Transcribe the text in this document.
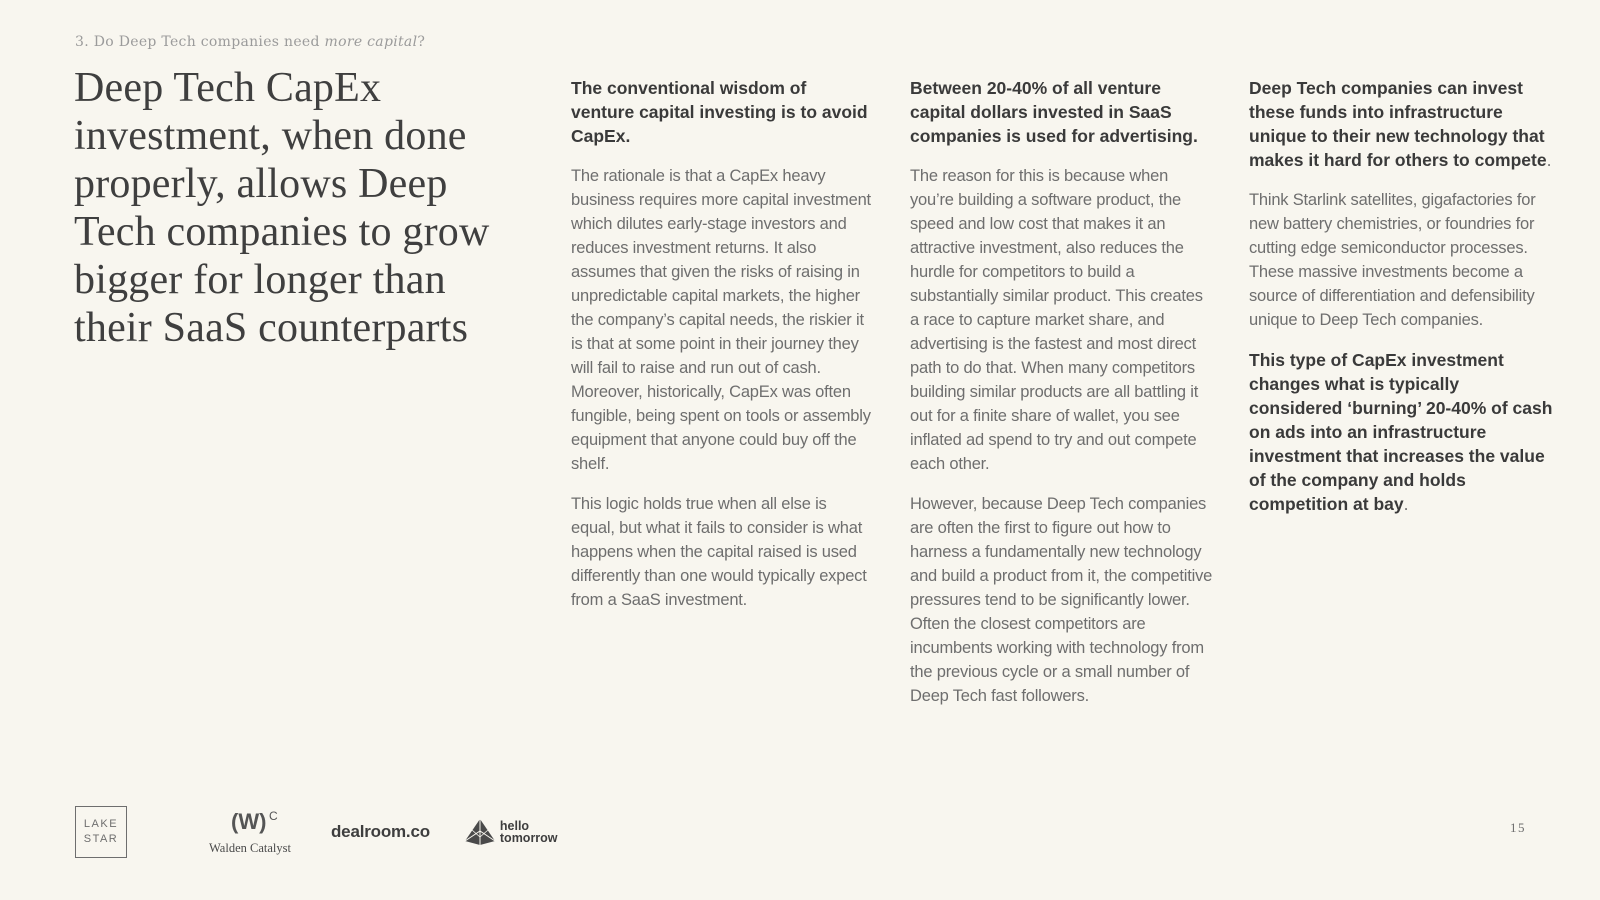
3. Do Deep Tech companies need more capital?
Deep Tech CapEx investment, when done properly, allows Deep Tech companies to grow bigger for longer than their SaaS counterparts
The conventional wisdom of venture capital investing is to avoid CapEx.

The rationale is that a CapEx heavy business requires more capital investment which dilutes early-stage investors and reduces investment returns. It also assumes that given the risks of raising in unpredictable capital markets, the higher the company’s capital needs, the riskier it is that at some point in their journey they will fail to raise and run out of cash. Moreover, historically, CapEx was often fungible, being spent on tools or assembly equipment that anyone could buy off the shelf.

This logic holds true when all else is equal, but what it fails to consider is what happens when the capital raised is used differently than one would typically expect from a SaaS investment.

Between 20-40% of all venture capital dollars invested in SaaS companies is used for advertising.

The reason for this is because when you’re building a software product, the speed and low cost that makes it an attractive investment, also reduces the hurdle for competitors to build a substantially similar product. This creates a race to capture market share, and advertising is the fastest and most direct path to do that. When many competitors building similar products are all battling it out for a finite share of wallet, you see inflated ad spend to try and out compete each other.

However, because Deep Tech companies are often the first to figure out how to harness a fundamentally new technology and build a product from it, the competitive pressures tend to be significantly lower. Often the closest competitors are incumbents working with technology from the previous cycle or a small number of Deep Tech fast followers.

Deep Tech companies can invest these funds into infrastructure unique to their new technology that makes it hard for others to compete.

Think Starlink satellites, gigafactories for new battery chemistries, or foundries for cutting edge semiconductor processes. These massive investments become a source of differentiation and defensibility unique to Deep Tech companies.

This type of CapEx investment changes what is typically considered ‘burning’ 20-40% of cash on ads into an infrastructure investment that increases the value of the company and holds competition at bay.
LAKE
STAR
(W) C
Walden Catalyst
dealroom.co	hello
tomorrow
15
